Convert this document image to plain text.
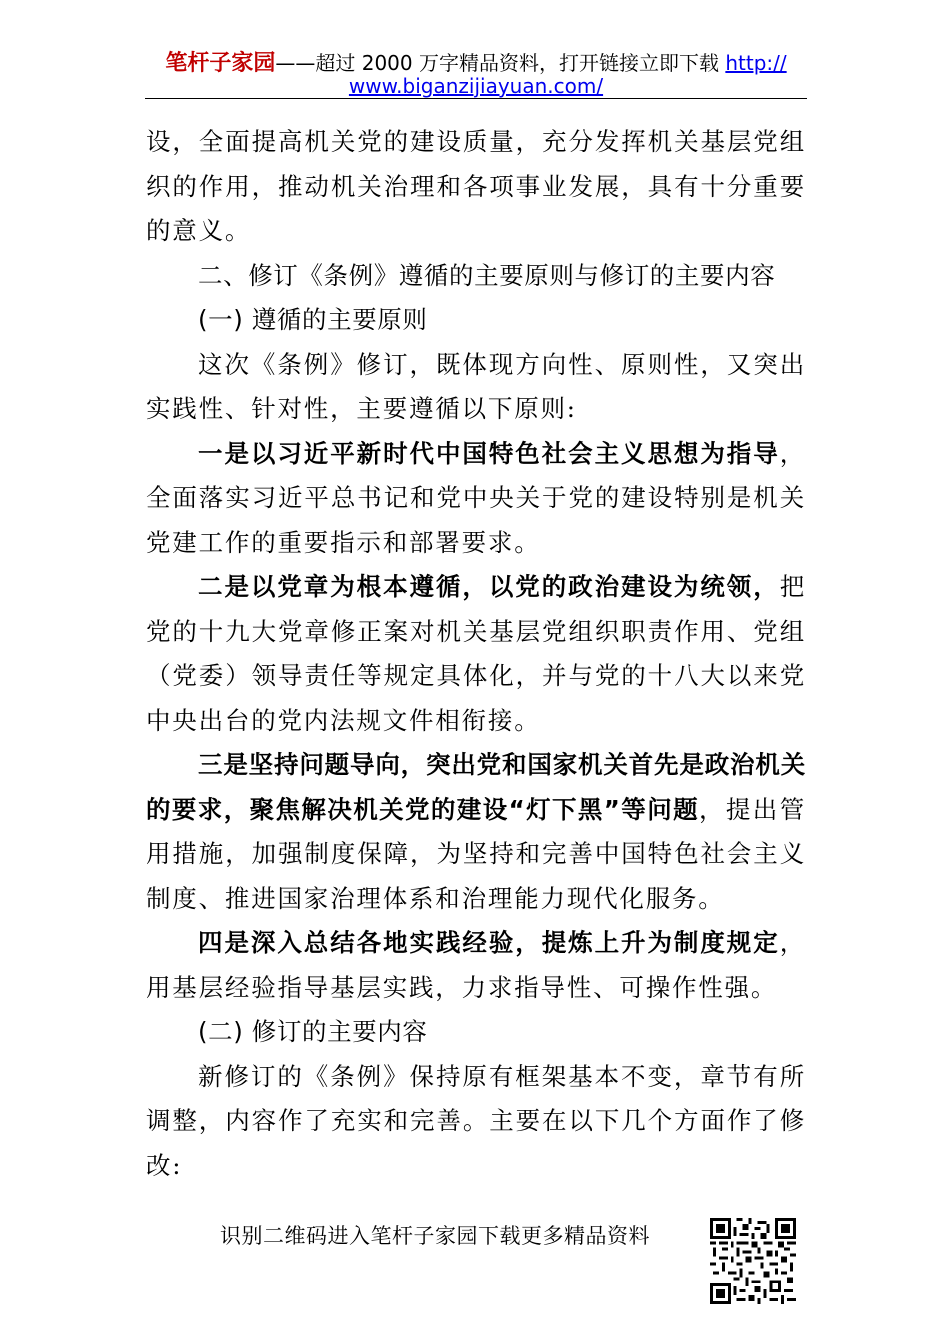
笔杆子家园——超过 2000 万字精品资料，打开链接立即下载 http://
www.biganzijiayuan.com/

设，全面提高机关党的建设质量，充分发挥机关基层党组织的作用，推动机关治理和各项事业发展，具有十分重要的意义。

二、修订《条例》遵循的主要原则与修订的主要内容

(一) 遵循的主要原则

这次《条例》修订，既体现方向性、原则性，又突出实践性、针对性，主要遵循以下原则:

一是以习近平新时代中国特色社会主义思想为指导，全面落实习近平总书记和党中央关于党的建设特别是机关党建工作的重要指示和部署要求。

二是以党章为根本遵循，以党的政治建设为统领，把党的十九大党章修正案对机关基层党组织职责作用、党组（党委）领导责任等规定具体化，并与党的十八大以来党中央出台的党内法规文件相衔接。

三是坚持问题导向，突出党和国家机关首先是政治机关的要求，聚焦解决机关党的建设“灯下黑”等问题，提出管用措施，加强制度保障，为坚持和完善中国特色社会主义制度、推进国家治理体系和治理能力现代化服务。

四是深入总结各地实践经验，提炼上升为制度规定，用基层经验指导基层实践，力求指导性、可操作性强。

(二) 修订的主要内容

新修订的《条例》保持原有框架基本不变，章节有所调整，内容作了充实和完善。主要在以下几个方面作了修改:

识别二维码进入笔杆子家园下载更多精品资料
